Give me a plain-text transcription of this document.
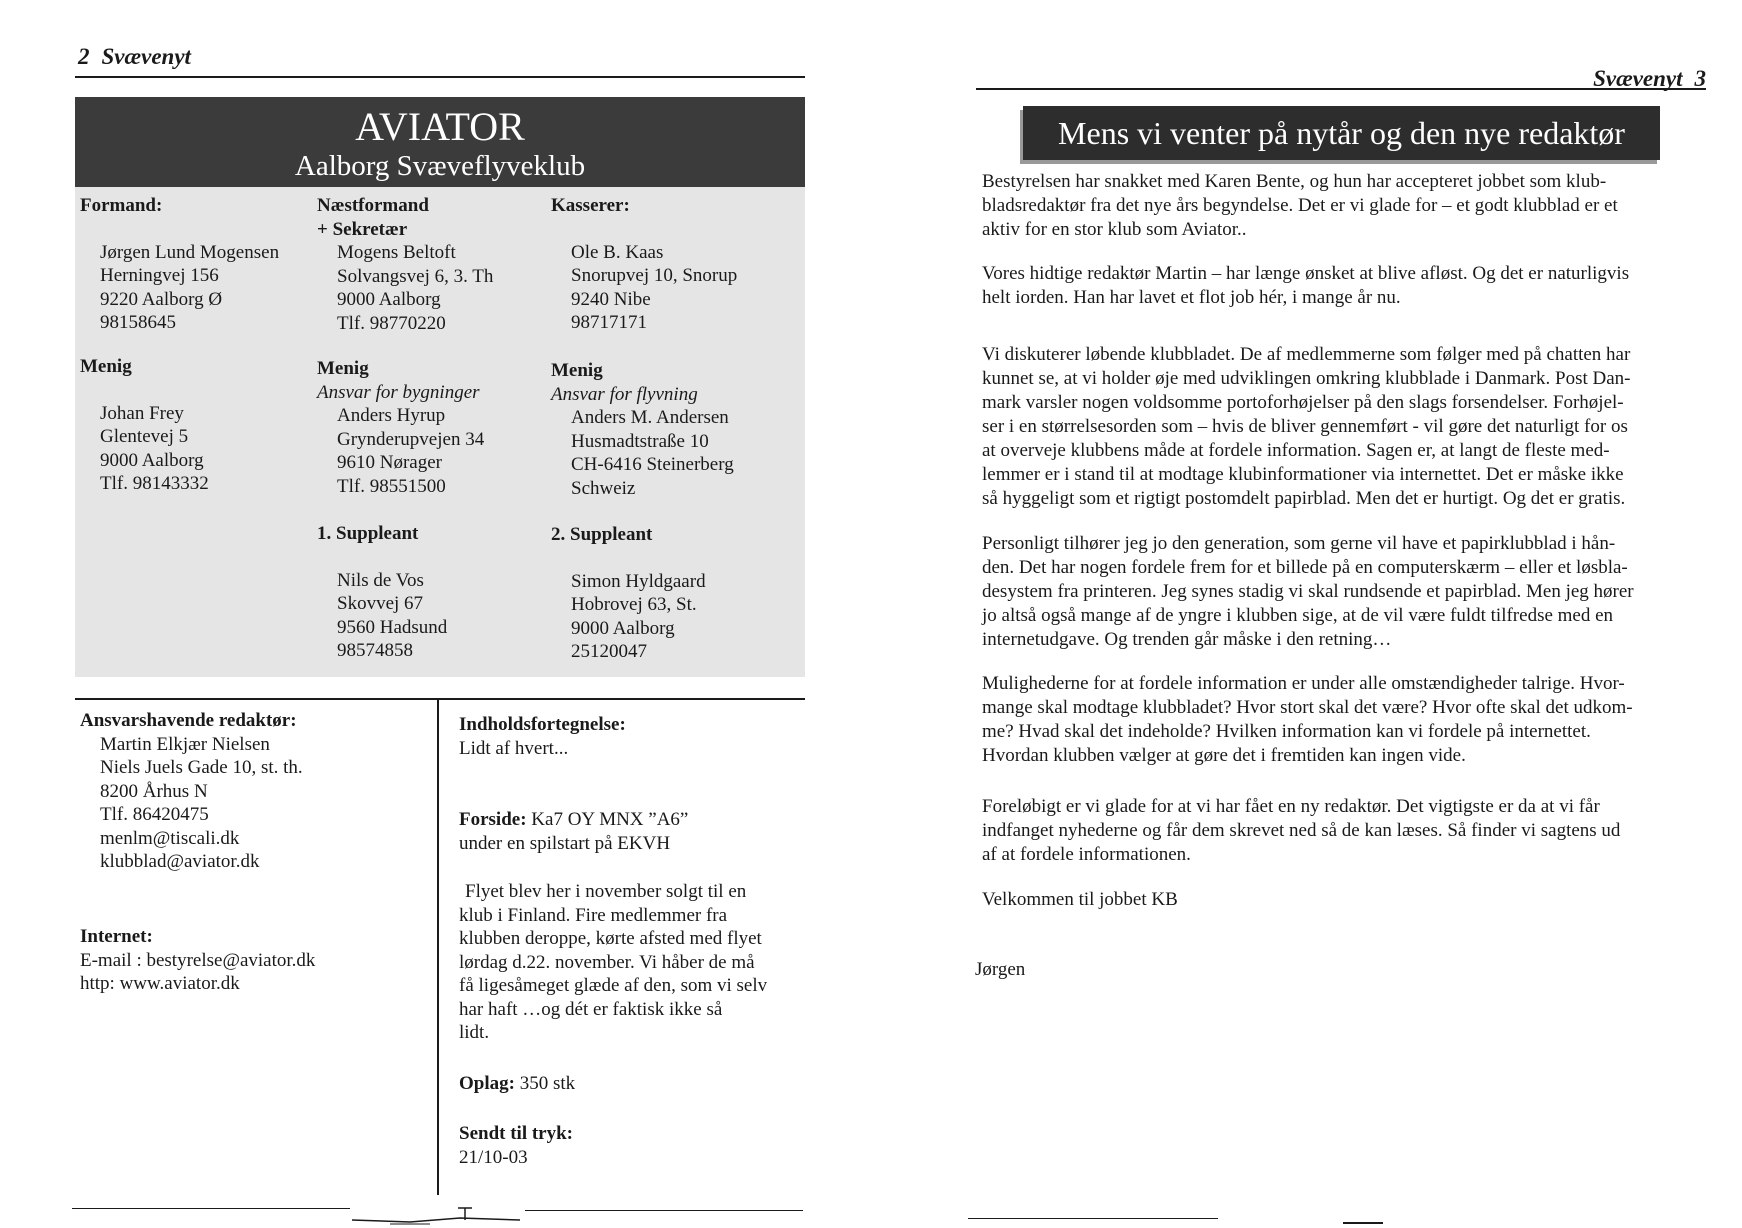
2 Svævenyt
AVIATOR
Aalborg Svæveflyveklub
Formand:
Jørgen Lund Mogensen
Herningvej 156
9220 Aalborg Ø
98158645
Næstformand
+ Sekretær
Mogens Beltoft
Solvangsvej 6, 3. Th
9000 Aalborg
Tlf. 98770220
Kasserer:
Ole B. Kaas
Snorupvej 10, Snorup
9240 Nibe
98717171
Menig
Johan Frey
Glentevej 5
9000 Aalborg
Tlf. 98143332
Menig
Ansvar for bygninger
Anders Hyrup
Grynderupvejen 34
9610 Nørager
Tlf. 98551500
Menig
Ansvar for flyvning
Anders M. Andersen
Husmadtstraße 10
CH-6416 Steinerberg
Schweiz
1. Suppleant
Nils de Vos
Skovvej 67
9560 Hadsund
98574858
2. Suppleant
Simon Hyldgaard
Hobrovej 63, St.
9000 Aalborg
25120047
Ansvarshavende redaktør:
Martin Elkjær Nielsen
Niels Juels Gade 10, st. th.
8200 Århus N
Tlf. 86420475
menlm@tiscali.dk
klubblad@aviator.dk
Internet:
E-mail : bestyrelse@aviator.dk
http: www.aviator.dk
Indholdsfortegnelse:
Lidt af hvert...
Forside: Ka7 OY MNX ”A6”
under en spilstart på EKVH
Flyet blev her i november solgt til en
klub i Finland. Fire medlemmer fra
klubben deroppe, kørte afsted med flyet
lørdag d.22. november. Vi håber de må
få ligesåmeget glæde af den, som vi selv
har haft …og dét er faktisk ikke så
lidt.
Oplag: 350 stk
Sendt til tryk:
21/10-03
Svævenyt 3
Mens vi venter på nytår og den nye redaktør
Bestyrelsen har snakket med Karen Bente, og hun har accepteret jobbet som klub-
bladsredaktør fra det nye års begyndelse. Det er vi glade for – et godt klubblad er et
aktiv for en stor klub som Aviator..
Vores hidtige redaktør Martin – har længe ønsket at blive afløst. Og det er naturligvis
helt iorden. Han har lavet et flot job hér, i mange år nu.
Vi diskuterer løbende klubbladet. De af medlemmerne som følger med på chatten har
kunnet se, at vi holder øje med udviklingen omkring klubblade i Danmark. Post Dan-
mark varsler nogen voldsomme portoforhøjelser på den slags forsendelser. Forhøjel-
ser i en størrelsesorden som – hvis de bliver gennemført - vil gøre det naturligt for os
at overveje klubbens måde at fordele information. Sagen er, at langt de fleste med-
lemmer er i stand til at modtage klubinformationer via internettet. Det er måske ikke
så hyggeligt som et rigtigt postomdelt papirblad. Men det er hurtigt. Og det er gratis.
Personligt tilhører jeg jo den generation, som gerne vil have et papirklubblad i hån-
den. Det har nogen fordele frem for et billede på en computerskærm – eller et løsbla-
desystem fra printeren. Jeg synes stadig vi skal rundsende et papirblad. Men jeg hører
jo altså også mange af de yngre i klubben sige, at de vil være fuldt tilfredse med en
internetudgave. Og trenden går måske i den retning…
Mulighederne for at fordele information er under alle omstændigheder talrige. Hvor-
mange skal modtage klubbladet? Hvor stort skal det være? Hvor ofte skal det udkom-
me? Hvad skal det indeholde? Hvilken information kan vi fordele på internettet.
Hvordan klubben vælger at gøre det i fremtiden kan ingen vide.
Foreløbigt er vi glade for at vi har fået en ny redaktør. Det vigtigste er da at vi får
indfanget nyhederne og får dem skrevet ned så de kan læses. Så finder vi sagtens ud
af at fordele informationen.
Velkommen til jobbet KB
Jørgen
